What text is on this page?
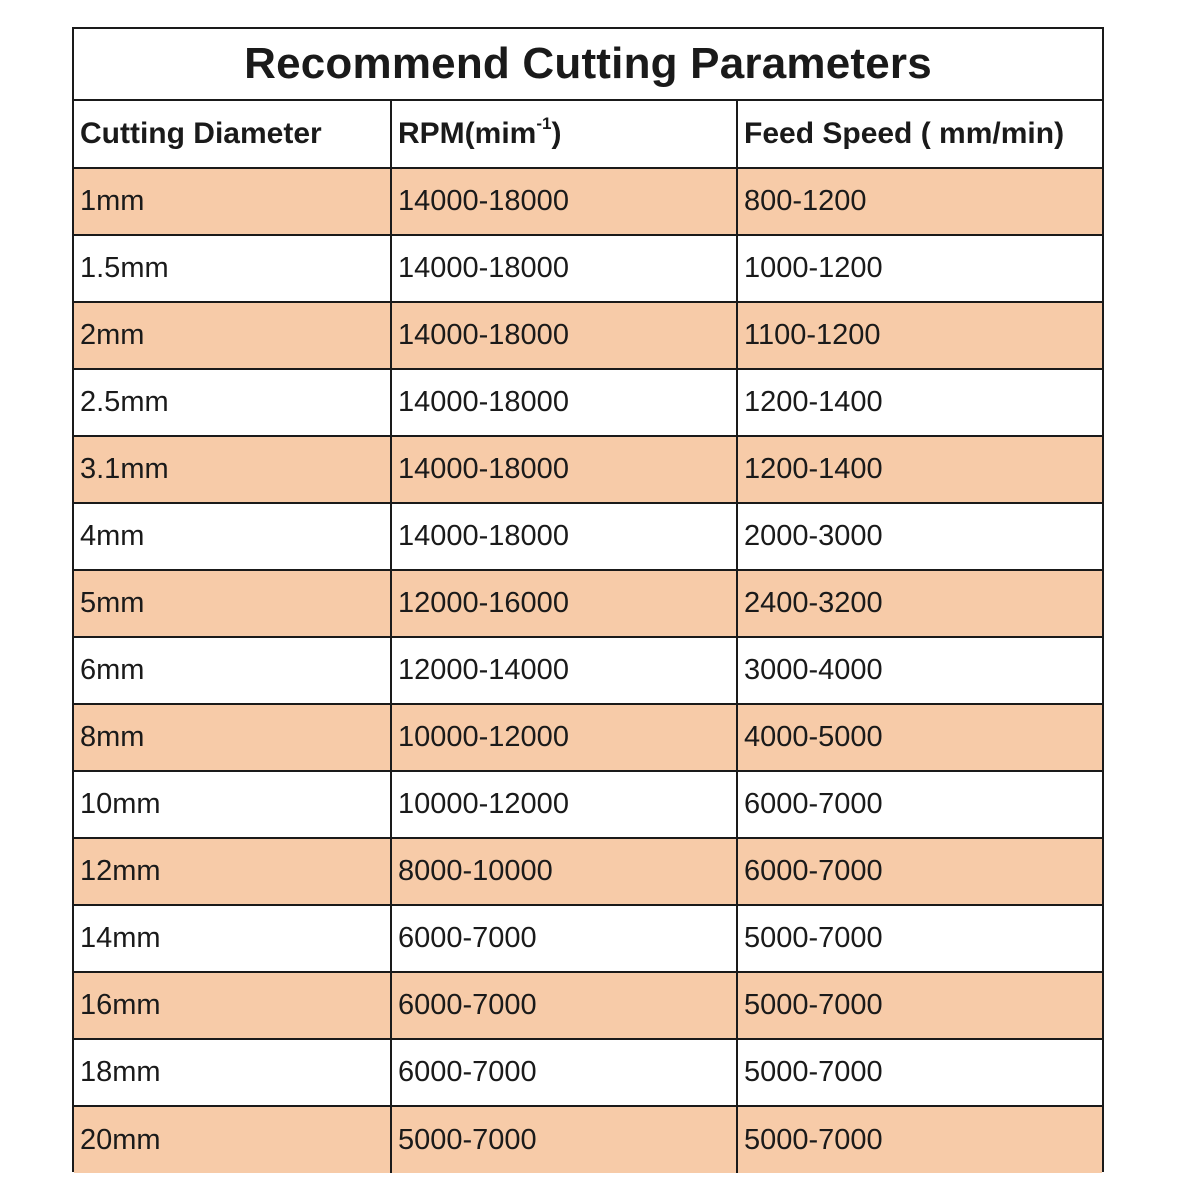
Recommend Cutting Parameters
Cutting Diameter	RPM(mim$^{-1}$)	Feed Speed ( mm/min)
1mm	14000-18000	800-1200
1.5mm	14000-18000	1000-1200
2mm	14000-18000	1100-1200
2.5mm	14000-18000	1200-1400
3.1mm	14000-18000	1200-1400
4mm	14000-18000	2000-3000
5mm	12000-16000	2400-3200
6mm	12000-14000	3000-4000
8mm	10000-12000	4000-5000
10mm	10000-12000	6000-7000
12mm	8000-10000	6000-7000
14mm	6000-7000	5000-7000
16mm	6000-7000	5000-7000
18mm	6000-7000	5000-7000
20mm	5000-7000	5000-7000
